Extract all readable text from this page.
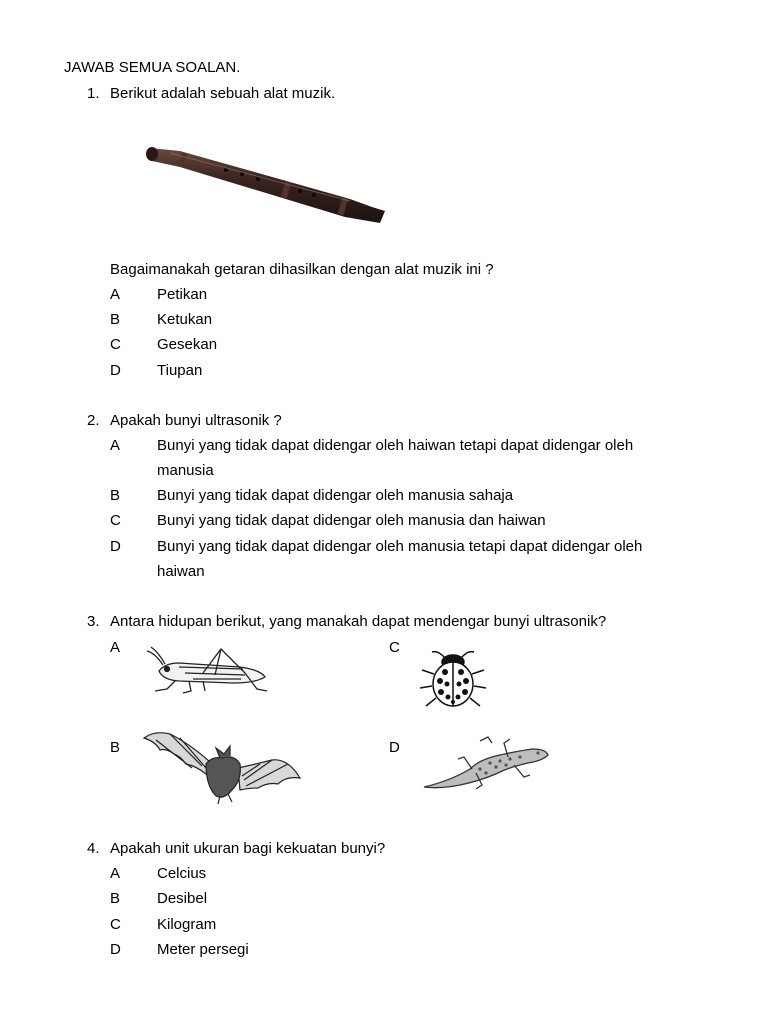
JAWAB SEMUA SOALAN.
1. Berikut adalah sebuah alat muzik.
Bagaimanakah getaran dihasilkan dengan alat muzik ini ?
A Petikan
B Ketukan
C Gesekan
D Tiupan
2. Apakah bunyi ultrasonik ?
A Bunyi yang tidak dapat didengar oleh haiwan tetapi dapat didengar oleh
manusia
B Bunyi yang tidak dapat didengar oleh manusia sahaja
C Bunyi yang tidak dapat didengar oleh manusia dan haiwan
D Bunyi yang tidak dapat didengar oleh manusia tetapi dapat didengar oleh
haiwan
3. Antara hidupan berikut, yang manakah dapat mendengar bunyi ultrasonik?
A	C
B	D
4. Apakah unit ukuran bagi kekuatan bunyi?
A Celcius
B Desibel
C Kilogram
D Meter persegi
